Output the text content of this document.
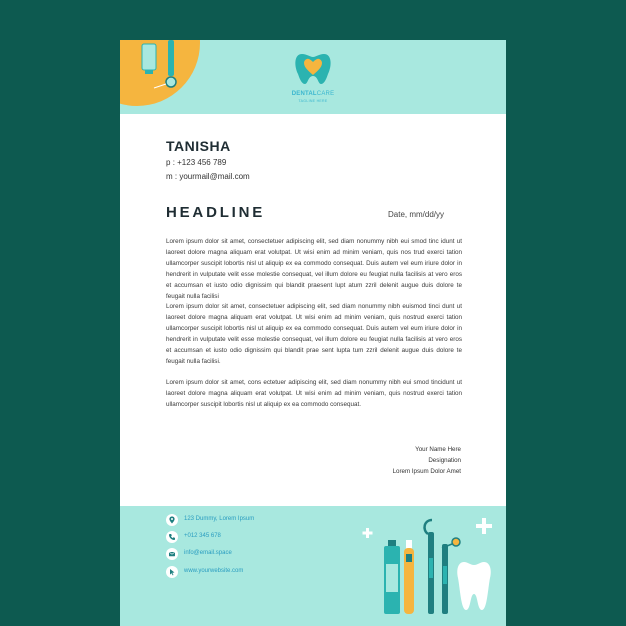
DENTALCARE
TAGLINE HERE
TANISHA
p : +123 456 789
m : yourmail@mail.com
HEADLINE	Date, mm/dd/yy

Lorem ipsum dolor sit amet, consectetuer adipiscing elit, sed diam nonummy nibh eui smod tinc idunt ut laoreet dolore magna aliquam erat volutpat. Ut wisi enim ad minim veniam, quis nos trud exerci tation ullamcorper suscipit lobortis nisl ut aliquip ex ea commodo consequat. Duis autem vel eum iriure dolor in hendrerit in vulputate velit esse molestie consequat, vel illum dolore eu feugiat nulla facilisis at vero eros et accumsan et iusto odio dignissim qui blandit praesent lupt atum zzril delenit augue duis dolore te feugait nulla facilisi

Lorem ipsum dolor sit amet, consectetuer adipiscing elit, sed diam nonummy nibh euismod tinci dunt ut laoreet dolore magna aliquam erat volutpat. Ut wisi enim ad minim veniam, quis nostrud exerci tation ullamcorper suscipit lobortis nisl ut aliquip ex ea commodo consequat. Duis autem vel eum iriure dolor in hendrerit in vulputate velit esse molestie consequat, vel illum dolore eu feugiat nulla facilisis at vero eros et accumsan et iusto odio dignissim qui blandit prae sent lupta tum zzril delenit augue duis dolore te feugait nulla facilisi.

Lorem ipsum dolor sit amet, cons ectetuer adipiscing elit, sed diam nonummy nibh eui smod tincidunt ut laoreet dolore magna aliquam erat volutpat. Ut wisi enim ad minim veniam, quis nostrud exerci tation ullamcorper suscipit lobortis nisl ut aliquip ex ea commodo consequat.

Your Name Here
Designation
Lorem Ipsum Dolor Amet
123 Dummy, Lorem Ipsum
+012 345 678
info@email.space
www.yourwebsite.com
